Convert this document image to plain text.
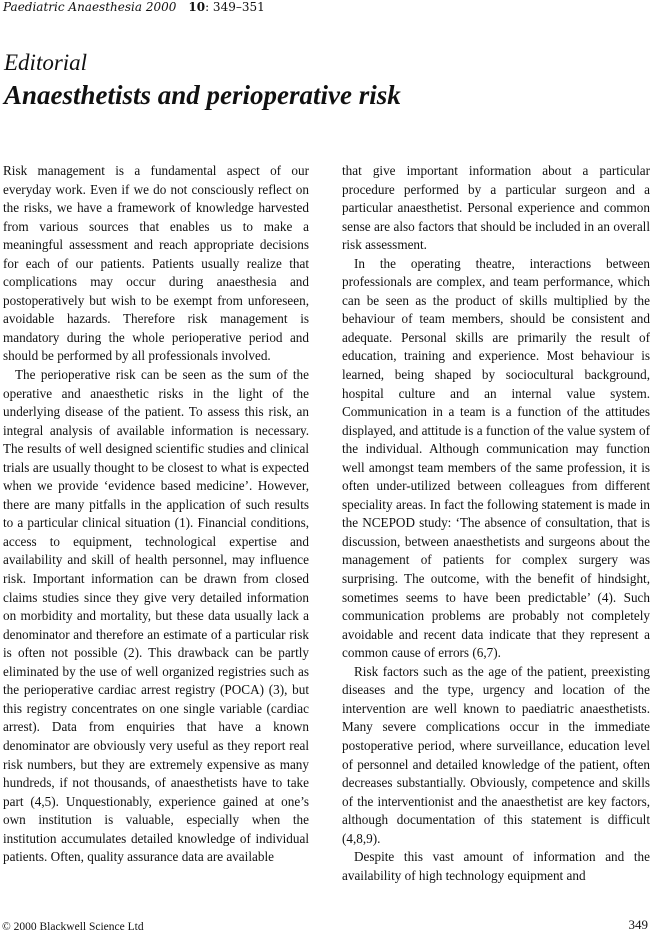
Paediatric Anaesthesia 2000 10: 349–351
Editorial
Anaesthetists and perioperative risk

Risk management is a fundamental aspect of our everyday work. Even if we do not consciously reflect on the risks, we have a framework of knowledge harvested from various sources that enables us to make a meaningful assessment and reach appropriate decisions for each of our patients. Patients usually realize that complications may occur during anaesthesia and postoperatively but wish to be exempt from unforeseen, avoidable hazards. Therefore risk management is mandatory during the whole perioperative period and should be performed by all professionals involved.

The perioperative risk can be seen as the sum of the operative and anaesthetic risks in the light of the underlying disease of the patient. To assess this risk, an integral analysis of available information is necessary. The results of well designed scientific studies and clinical trials are usually thought to be closest to what is expected when we provide ‘evidence based medicine’. However, there are many pitfalls in the application of such results to a particular clinical situation (1). Financial conditions, access to equipment, technological expertise and availability and skill of health personnel, may influence risk. Important information can be drawn from closed claims studies since they give very detailed information on morbidity and mortality, but these data usually lack a denominator and therefore an estimate of a particular risk is often not possible (2). This drawback can be partly eliminated by the use of well organized registries such as the perioperative cardiac arrest registry (POCA) (3), but this registry concentrates on one single variable (cardiac arrest). Data from enquiries that have a known denominator are obviously very useful as they report real risk numbers, but they are extremely expensive as many hundreds, if not thousands, of anaesthetists have to take part (4,5). Unquestionably, experience gained at one’s own institution is valuable, especially when the institution accumulates detailed knowledge of individual patients. Often, quality assurance data are available

that give important information about a particular procedure performed by a particular surgeon and a particular anaesthetist. Personal experience and common sense are also factors that should be included in an overall risk assessment.

In the operating theatre, interactions between professionals are complex, and team performance, which can be seen as the product of skills multiplied by the behaviour of team members, should be consistent and adequate. Personal skills are primarily the result of education, training and experience. Most behaviour is learned, being shaped by sociocultural background, hospital culture and an internal value system. Communication in a team is a function of the attitudes displayed, and attitude is a function of the value system of the individual. Although communication may function well amongst team members of the same profession, it is often under-utilized between colleagues from different speciality areas. In fact the following statement is made in the NCEPOD study: ‘The absence of consultation, that is discussion, between anaesthetists and surgeons about the management of patients for complex surgery was surprising. The outcome, with the benefit of hindsight, sometimes seems to have been predictable’ (4). Such communication problems are probably not completely avoidable and recent data indicate that they represent a common cause of errors (6,7).

Risk factors such as the age of the patient, preexisting diseases and the type, urgency and location of the intervention are well known to paediatric anaesthetists. Many severe complications occur in the immediate postoperative period, where surveillance, education level of personnel and detailed knowledge of the patient, often decreases substantially. Obviously, competence and skills of the interventionist and the anaesthetist are key factors, although documentation of this statement is difficult (4,8,9).

Despite this vast amount of information and the availability of high technology equipment and

© 2000 Blackwell Science Ltd	349
